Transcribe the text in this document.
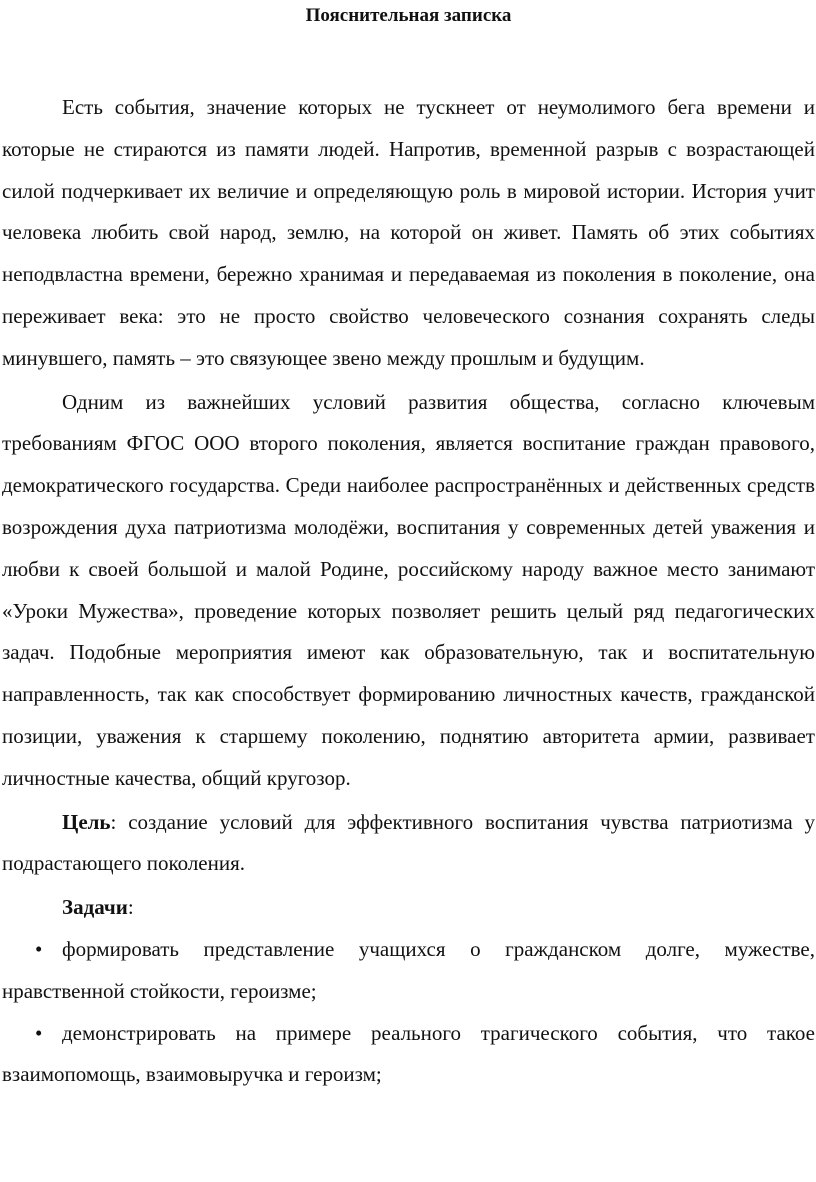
Пояснительная записка

Есть события, значение которых не тускнеет от неумолимого бега времени и которые не стираются из памяти людей. Напротив, временной разрыв с возрастающей силой подчеркивает их величие и определяющую роль в мировой истории. История учит человека любить свой народ, землю, на которой он живет. Память об этих событиях неподвластна времени, бережно хранимая и передаваемая из поколения в поколение, она переживает века: это не просто свойство человеческого сознания сохранять следы минувшего, память – это связующее звено между прошлым и будущим.

Одним из важнейших условий развития общества, согласно ключевым требованиям ФГОС ООО второго поколения, является воспитание граждан правового, демократического государства. Среди наиболее распространённых и действенных средств возрождения духа патриотизма молодёжи, воспитания у современных детей уважения и любви к своей большой и малой Родине, российскому народу важное место занимают «Уроки Мужества», проведение которых позволяет решить целый ряд педагогических задач. Подобные мероприятия имеют как образовательную, так и воспитательную направленность, так как способствует формированию личностных качеств, гражданской позиции, уважения к старшему поколению, поднятию авторитета армии, развивает личностные качества, общий кругозор.

Цель: создание условий для эффективного воспитания чувства патриотизма у подрастающего поколения.

Задачи:

• формировать представление учащихся о гражданском долге, мужестве, нравственной стойкости, героизме;

• демонстрировать на примере реального трагического события, что такое взаимопомощь, взаимовыручка и героизм;
